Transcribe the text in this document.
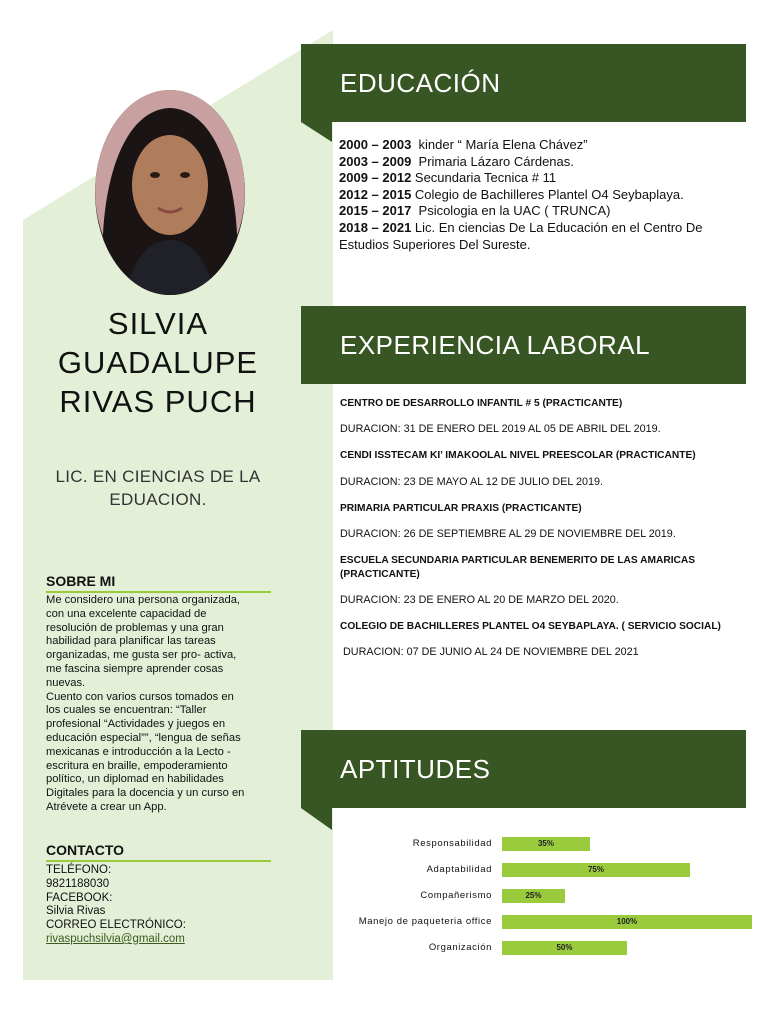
SILVIA
GUADALUPE
RIVAS PUCH
LIC. EN CIENCIAS DE LA
EDUACION.
SOBRE MI

Me considero una persona organizada,

con una excelente capacidad de

resolución de problemas y una gran

habilidad para planificar las tareas

organizadas, me gusta ser pro- activa,

me fascina siempre aprender cosas

nuevas.

Cuento con varios cursos tomados en

los cuales se encuentran: “Taller

profesional “Actividades y juegos en

educación especial””, “lengua de señas

mexicanas e introducción a la Lecto -

escritura en braille, empoderamiento

político, un diplomad en habilidades

Digitales para la docencia y un curso en

Atrévete a crear un App.

CONTACTO
TELÉFONO:
9821188030
FACEBOOK:
Silvia Rivas
CORREO ELECTRÓNICO:
rivaspuchsilvia@gmail.com
EDUCACIÓN
2000 – 2003  kinder “ María Elena Chávez”
2003 – 2009  Primaria Lázaro Cárdenas.
2009 – 2012 Secundaria Tecnica # 11
2012 – 2015 Colegio de Bachilleres Plantel O4 Seybaplaya.
2015 – 2017  Psicologia en la UAC ( TRUNCA)
2018 – 2021 Lic. En ciencias De La Educación en el Centro De Estudios Superiores Del Sureste.
EXPERIENCIA LABORAL

CENTRO DE DESARROLLO INFANTIL # 5 (PRACTICANTE)

DURACION: 31 DE ENERO DEL 2019 AL 05 DE ABRIL DEL 2019.

CENDI ISSTECAM KI’ IMAKOOLAL NIVEL PREESCOLAR (PRACTICANTE)

DURACION: 23 DE MAYO AL 12 DE JULIO DEL 2019.

PRIMARIA PARTICULAR PRAXIS (PRACTICANTE)

DURACION: 26 DE SEPTIEMBRE AL 29 DE NOVIEMBRE DEL 2019.

ESCUELA SECUNDARIA PARTICULAR BENEMERITO DE LAS AMARICAS (PRACTICANTE)

DURACION: 23 DE ENERO AL 20 DE MARZO DEL 2020.

COLEGIO DE BACHILLERES PLANTEL O4 SEYBAPLAYA. ( SERVICIO SOCIAL)

DURACION: 07 DE JUNIO AL 24 DE NOVIEMBRE DEL 2021

APTITUDES
Responsabilidad	35%
Adaptabilidad	75%
Compañerismo	25%
Manejo de paqueteria office	100%
Organización	50%
